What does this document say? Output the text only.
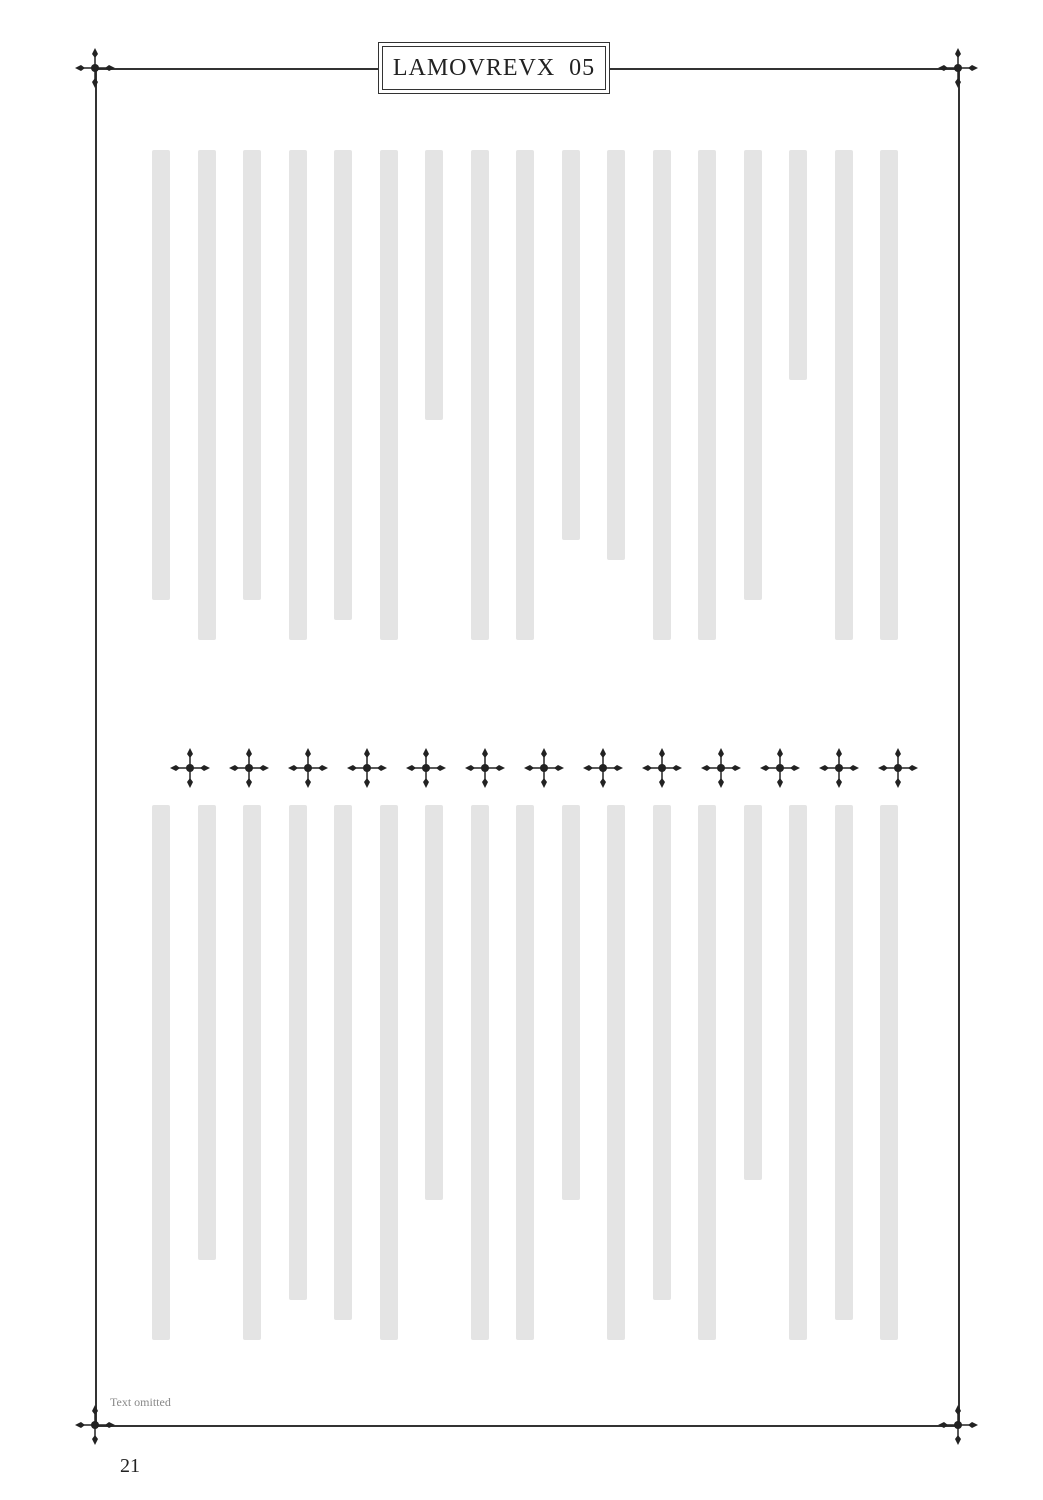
LAMOVREVX
05
Text omitted
21
